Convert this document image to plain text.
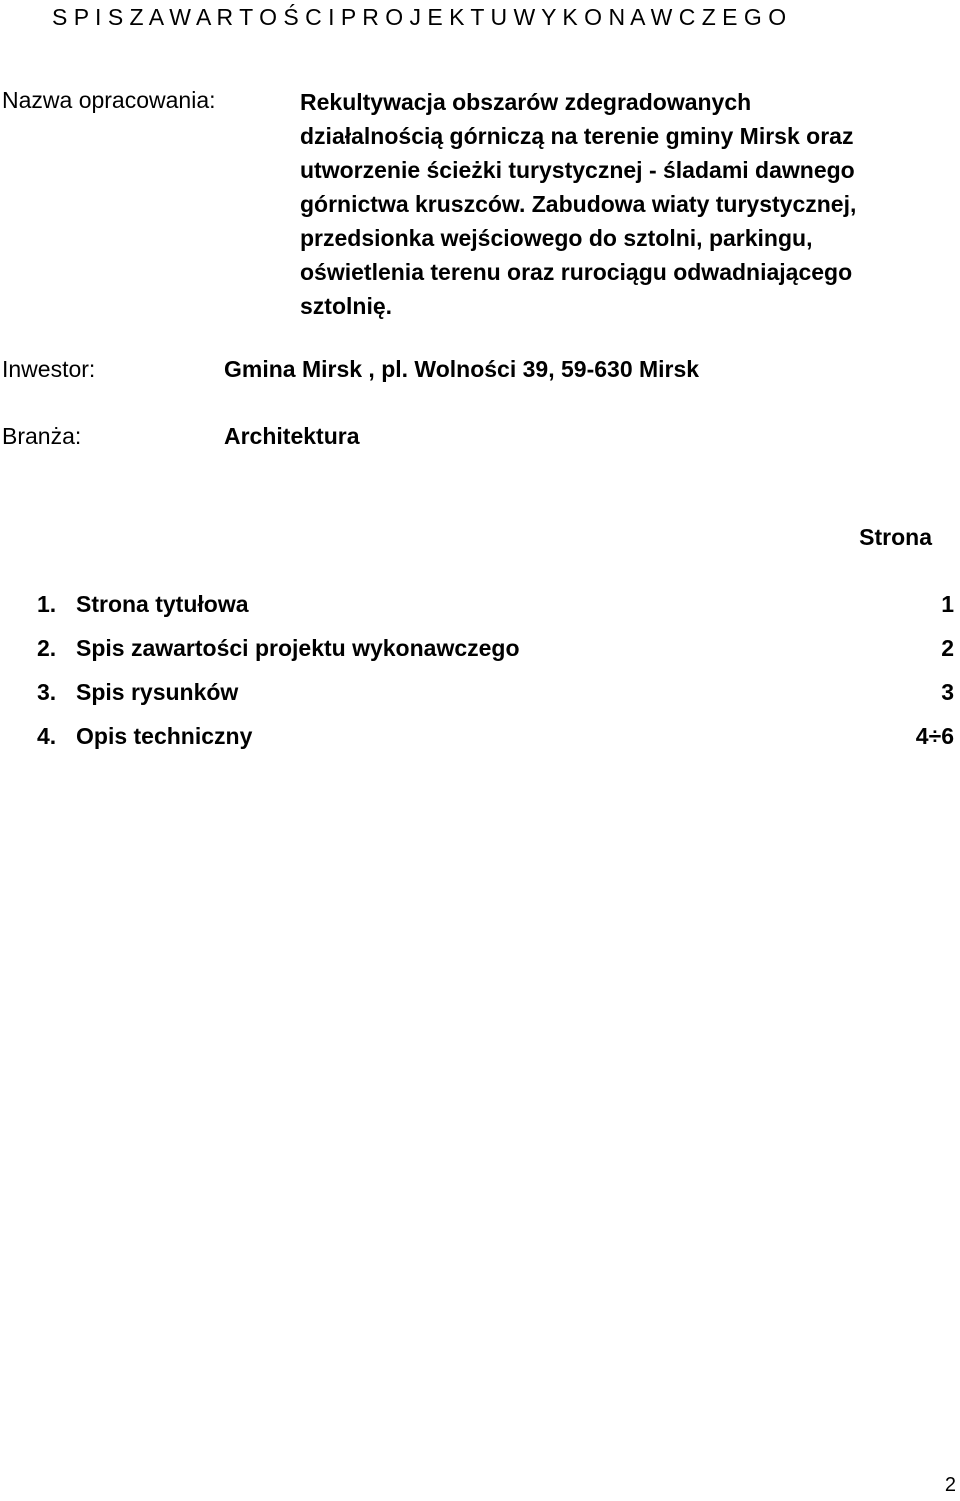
S P I S Z A W A R T O Ś C I P R O J E K T U W Y K O N A W C Z E G O
Nazwa opracowania:	Rekultywacja obszarów zdegradowanych
działalnością górniczą na terenie gminy Mirsk oraz
utworzenie ścieżki turystycznej - śladami dawnego
górnictwa kruszców. Zabudowa wiaty turystycznej,
przedsionka wejściowego do sztolni, parkingu,
oświetlenia terenu oraz rurociągu odwadniającego
sztolnię.
Inwestor:	Gmina Mirsk , pl. Wolności 39, 59-630 Mirsk
Branża:	Architektura
Strona
1. Strona tytułowa	1
2. Spis zawartości projektu wykonawczego	2
3. Spis rysunków	3
4. Opis techniczny	4÷6
2
